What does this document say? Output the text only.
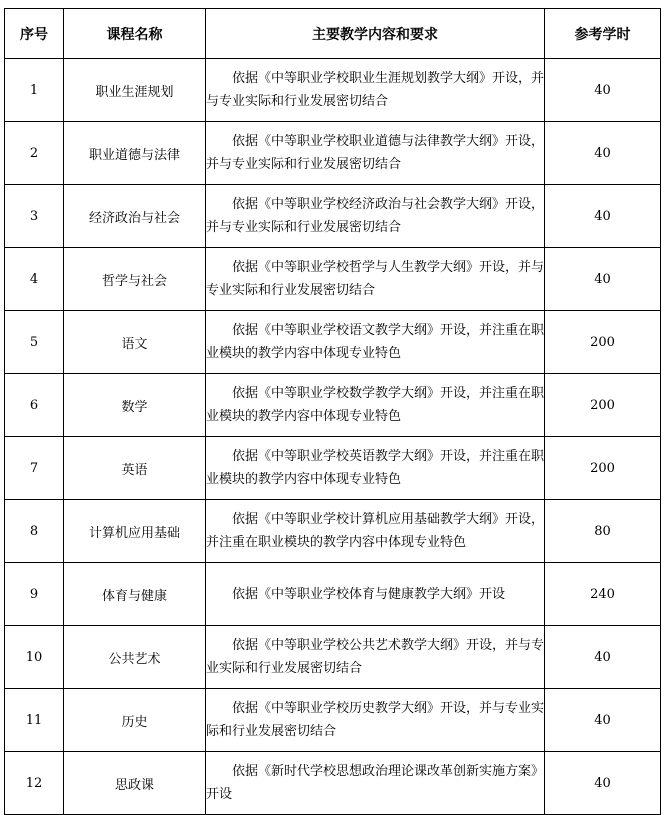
序号	课程名称	主要教学内容和要求	参考学时
1	职业生涯规划	依据《中等职业学校职业生涯规划教学大纲》开设，并与专业实际和行业发展密切结合	40
2	职业道德与法律	依据《中等职业学校职业道德与法律教学大纲》开设，并与专业实际和行业发展密切结合	40
3	经济政治与社会	依据《中等职业学校经济政治与社会教学大纲》开设，并与专业实际和行业发展密切结合	40
4	哲学与社会	依据《中等职业学校哲学与人生教学大纲》开设，并与专业实际和行业发展密切结合	40
5	语文	依据《中等职业学校语文教学大纲》开设，并注重在职业模块的教学内容中体现专业特色	200
6	数学	依据《中等职业学校数学教学大纲》开设，并注重在职业模块的教学内容中体现专业特色	200
7	英语	依据《中等职业学校英语教学大纲》开设，并注重在职业模块的教学内容中体现专业特色	200
8	计算机应用基础	依据《中等职业学校计算机应用基础教学大纲》开设，并注重在职业模块的教学内容中体现专业特色	80
9	体育与健康	依据《中等职业学校体育与健康教学大纲》开设	240
10	公共艺术	依据《中等职业学校公共艺术教学大纲》开设，并与专业实际和行业发展密切结合	40
11	历史	依据《中等职业学校历史教学大纲》开设，并与专业实际和行业发展密切结合	40
12	思政课	依据《新时代学校思想政治理论课改革创新实施方案》开设	40
